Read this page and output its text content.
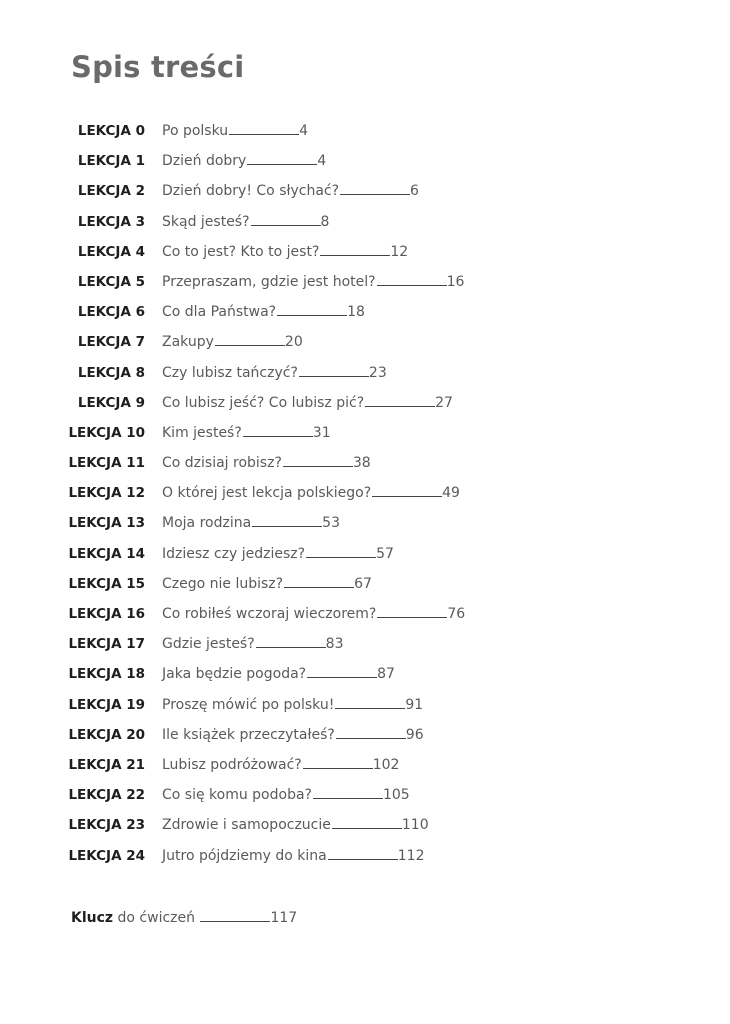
Spis treści
LEKCJA 0 Po polsku	4
LEKCJA 1 Dzień dobry	4
LEKCJA 2 Dzień dobry! Co słychać?	6
LEKCJA 3 Skąd jesteś?	8
LEKCJA 4 Co to jest? Kto to jest?	12
LEKCJA 5 Przepraszam, gdzie jest hotel?	16
LEKCJA 6 Co dla Państwa?	18
LEKCJA 7 Zakupy	20
LEKCJA 8 Czy lubisz tańczyć?	23
LEKCJA 9 Co lubisz jeść? Co lubisz pić?	27
LEKCJA 10 Kim jesteś?	31
LEKCJA 11 Co dzisiaj robisz?	38
LEKCJA 12 O której jest lekcja polskiego?	49
LEKCJA 13 Moja rodzina	53
LEKCJA 14 Idziesz czy jedziesz?	57
LEKCJA 15 Czego nie lubisz?	67
LEKCJA 16 Co robiłeś wczoraj wieczorem?	76
LEKCJA 17 Gdzie jesteś?	83
LEKCJA 18 Jaka będzie pogoda?	87
LEKCJA 19 Proszę mówić po polsku!	91
LEKCJA 20 Ile książek przeczytałeś?	96
LEKCJA 21 Lubisz podróżować?	102
LEKCJA 22 Co się komu podoba?	105
LEKCJA 23 Zdrowie i samopoczucie	110
LEKCJA 24 Jutro pójdziemy do kina	112
Klucz do ćwiczeń	117
